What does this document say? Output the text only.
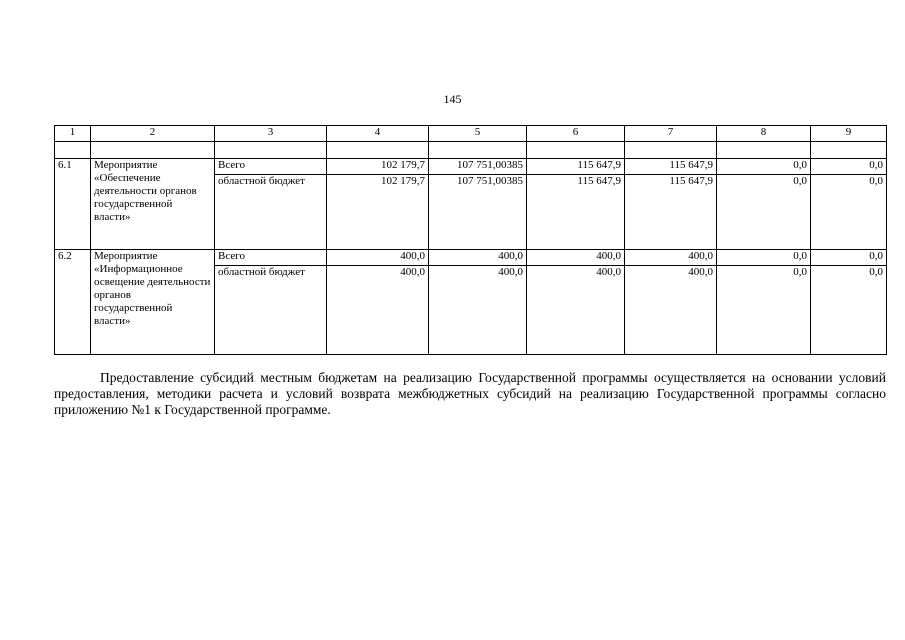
145
1	2	3	4	5	6	7	8	9

6.1	Мероприятие «Обеспечение деятельности органов государственной власти»	Всего	102 179,7	107 751,00385	115 647,9	115 647,9	0,0	0,0
		областной бюджет	102 179,7	107 751,00385	115 647,9	115 647,9	0,0	0,0
6.2	Мероприятие «Информационное освещение деятельности органов государственной власти»	Всего	400,0	400,0	400,0	400,0	0,0	0,0
		областной бюджет	400,0	400,0	400,0	400,0	0,0	0,0

Предоставление субсидий местным бюджетам на реализацию Государственной программы осуществляется на основании условий предоставления, методики расчета и условий возврата межбюджетных субсидий на реализацию Государственной программы согласно приложению №1 к Государственной программе.
